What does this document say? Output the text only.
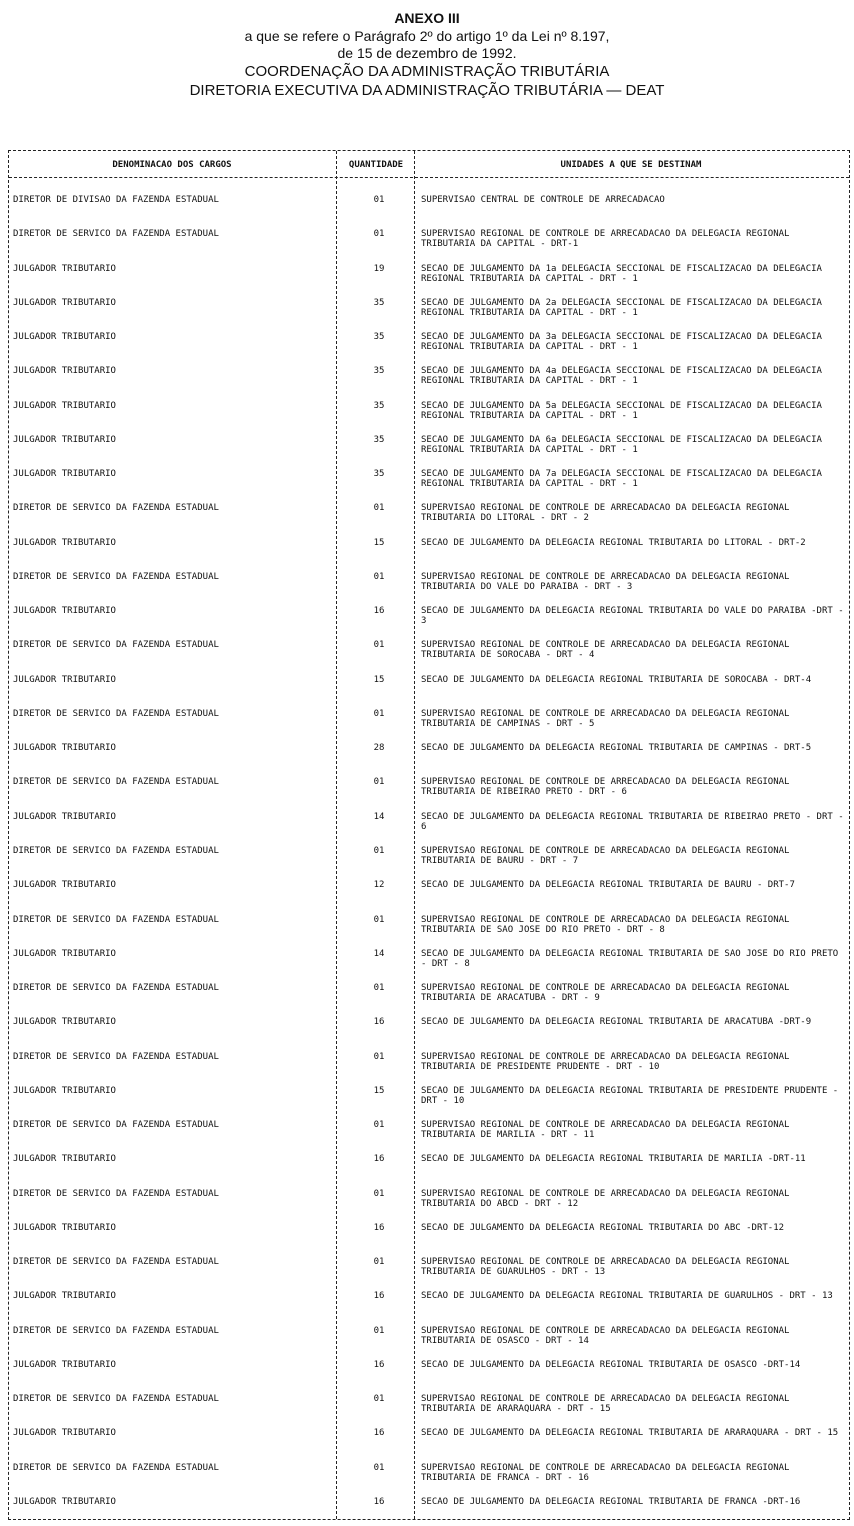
ANEXO III
a que se refere o Parágrafo 2º do artigo 1º da Lei nº 8.197,
de 15 de dezembro de 1992.
COORDENAÇÃO DA ADMINISTRAÇÃO TRIBUTÁRIA
DIRETORIA EXECUTIVA DA ADMINISTRAÇÃO TRIBUTÁRIA — DEAT
DENOMINACAO DOS CARGOS	QUANTIDADE	UNIDADES A QUE SE DESTINAM
DIRETOR DE DIVISAO DA FAZENDA ESTADUAL	01	SUPERVISAO CENTRAL DE CONTROLE DE ARRECADACAO
DIRETOR DE SERVICO DA FAZENDA ESTADUAL	01	SUPERVISAO REGIONAL DE CONTROLE DE ARRECADACAO DA DELEGACIA REGIONAL TRIBUTARIA DA CAPITAL - DRT-1
JULGADOR TRIBUTARIO	19	SECAO DE JULGAMENTO DA 1a DELEGACIA SECCIONAL DE FISCALIZACAO DA DELEGACIA REGIONAL TRIBUTARIA DA CAPITAL - DRT - 1
JULGADOR TRIBUTARIO	35	SECAO DE JULGAMENTO DA 2a DELEGACIA SECCIONAL DE FISCALIZACAO DA DELEGACIA REGIONAL TRIBUTARIA DA CAPITAL - DRT - 1
JULGADOR TRIBUTARIO	35	SECAO DE JULGAMENTO DA 3a DELEGACIA SECCIONAL DE FISCALIZACAO DA DELEGACIA REGIONAL TRIBUTARIA DA CAPITAL - DRT - 1
JULGADOR TRIBUTARIO	35	SECAO DE JULGAMENTO DA 4a DELEGACIA SECCIONAL DE FISCALIZACAO DA DELEGACIA REGIONAL TRIBUTARIA DA CAPITAL - DRT - 1
JULGADOR TRIBUTARIO	35	SECAO DE JULGAMENTO DA 5a DELEGACIA SECCIONAL DE FISCALIZACAO DA DELEGACIA REGIONAL TRIBUTARIA DA CAPITAL - DRT - 1
JULGADOR TRIBUTARIO	35	SECAO DE JULGAMENTO DA 6a DELEGACIA SECCIONAL DE FISCALIZACAO DA DELEGACIA REGIONAL TRIBUTARIA DA CAPITAL - DRT - 1
JULGADOR TRIBUTARIO	35	SECAO DE JULGAMENTO DA 7a DELEGACIA SECCIONAL DE FISCALIZACAO DA DELEGACIA REGIONAL TRIBUTARIA DA CAPITAL - DRT - 1
DIRETOR DE SERVICO DA FAZENDA ESTADUAL	01	SUPERVISAO REGIONAL DE CONTROLE DE ARRECADACAO DA DELEGACIA REGIONAL TRIBUTARIA DO LITORAL - DRT - 2
JULGADOR TRIBUTARIO	15	SECAO DE JULGAMENTO DA DELEGACIA REGIONAL TRIBUTARIA DO LITORAL - DRT-2
DIRETOR DE SERVICO DA FAZENDA ESTADUAL	01	SUPERVISAO REGIONAL DE CONTROLE DE ARRECADACAO DA DELEGACIA REGIONAL TRIBUTARIA DO VALE DO PARAIBA - DRT - 3
JULGADOR TRIBUTARIO	16	SECAO DE JULGAMENTO DA DELEGACIA REGIONAL TRIBUTARIA DO VALE DO PARAIBA -DRT - 3
DIRETOR DE SERVICO DA FAZENDA ESTADUAL	01	SUPERVISAO REGIONAL DE CONTROLE DE ARRECADACAO DA DELEGACIA REGIONAL TRIBUTARIA DE SOROCABA - DRT - 4
JULGADOR TRIBUTARIO	15	SECAO DE JULGAMENTO DA DELEGACIA REGIONAL TRIBUTARIA DE SOROCABA - DRT-4
DIRETOR DE SERVICO DA FAZENDA ESTADUAL	01	SUPERVISAO REGIONAL DE CONTROLE DE ARRECADACAO DA DELEGACIA REGIONAL TRIBUTARIA DE CAMPINAS - DRT - 5
JULGADOR TRIBUTARIO	28	SECAO DE JULGAMENTO DA DELEGACIA REGIONAL TRIBUTARIA DE CAMPINAS - DRT-5
DIRETOR DE SERVICO DA FAZENDA ESTADUAL	01	SUPERVISAO REGIONAL DE CONTROLE DE ARRECADACAO DA DELEGACIA REGIONAL TRIBUTARIA DE RIBEIRAO PRETO - DRT - 6
JULGADOR TRIBUTARIO	14	SECAO DE JULGAMENTO DA DELEGACIA REGIONAL TRIBUTARIA DE RIBEIRAO PRETO - DRT - 6
DIRETOR DE SERVICO DA FAZENDA ESTADUAL	01	SUPERVISAO REGIONAL DE CONTROLE DE ARRECADACAO DA DELEGACIA REGIONAL TRIBUTARIA DE BAURU - DRT - 7
JULGADOR TRIBUTARIO	12	SECAO DE JULGAMENTO DA DELEGACIA REGIONAL TRIBUTARIA DE BAURU - DRT-7
DIRETOR DE SERVICO DA FAZENDA ESTADUAL	01	SUPERVISAO REGIONAL DE CONTROLE DE ARRECADACAO DA DELEGACIA REGIONAL TRIBUTARIA DE SAO JOSE DO RIO PRETO - DRT - 8
JULGADOR TRIBUTARIO	14	SECAO DE JULGAMENTO DA DELEGACIA REGIONAL TRIBUTARIA DE SAO JOSE DO RIO PRETO - DRT - 8
DIRETOR DE SERVICO DA FAZENDA ESTADUAL	01	SUPERVISAO REGIONAL DE CONTROLE DE ARRECADACAO DA DELEGACIA REGIONAL TRIBUTARIA DE ARACATUBA - DRT - 9
JULGADOR TRIBUTARIO	16	SECAO DE JULGAMENTO DA DELEGACIA REGIONAL TRIBUTARIA DE ARACATUBA -DRT-9
DIRETOR DE SERVICO DA FAZENDA ESTADUAL	01	SUPERVISAO REGIONAL DE CONTROLE DE ARRECADACAO DA DELEGACIA REGIONAL TRIBUTARIA DE PRESIDENTE PRUDENTE - DRT - 10
JULGADOR TRIBUTARIO	15	SECAO DE JULGAMENTO DA DELEGACIA REGIONAL TRIBUTARIA DE PRESIDENTE PRUDENTE - DRT - 10
DIRETOR DE SERVICO DA FAZENDA ESTADUAL	01	SUPERVISAO REGIONAL DE CONTROLE DE ARRECADACAO DA DELEGACIA REGIONAL TRIBUTARIA DE MARILIA - DRT - 11
JULGADOR TRIBUTARIO	16	SECAO DE JULGAMENTO DA DELEGACIA REGIONAL TRIBUTARIA DE MARILIA -DRT-11
DIRETOR DE SERVICO DA FAZENDA ESTADUAL	01	SUPERVISAO REGIONAL DE CONTROLE DE ARRECADACAO DA DELEGACIA REGIONAL TRIBUTARIA DO ABCD - DRT - 12
JULGADOR TRIBUTARIO	16	SECAO DE JULGAMENTO DA DELEGACIA REGIONAL TRIBUTARIA DO ABC -DRT-12
DIRETOR DE SERVICO DA FAZENDA ESTADUAL	01	SUPERVISAO REGIONAL DE CONTROLE DE ARRECADACAO DA DELEGACIA REGIONAL TRIBUTARIA DE GUARULHOS - DRT - 13
JULGADOR TRIBUTARIO	16	SECAO DE JULGAMENTO DA DELEGACIA REGIONAL TRIBUTARIA DE GUARULHOS - DRT - 13
DIRETOR DE SERVICO DA FAZENDA ESTADUAL	01	SUPERVISAO REGIONAL DE CONTROLE DE ARRECADACAO DA DELEGACIA REGIONAL TRIBUTARIA DE OSASCO - DRT - 14
JULGADOR TRIBUTARIO	16	SECAO DE JULGAMENTO DA DELEGACIA REGIONAL TRIBUTARIA DE OSASCO -DRT-14
DIRETOR DE SERVICO DA FAZENDA ESTADUAL	01	SUPERVISAO REGIONAL DE CONTROLE DE ARRECADACAO DA DELEGACIA REGIONAL TRIBUTARIA DE ARARAQUARA - DRT - 15
JULGADOR TRIBUTARIO	16	SECAO DE JULGAMENTO DA DELEGACIA REGIONAL TRIBUTARIA DE ARARAQUARA - DRT - 15
DIRETOR DE SERVICO DA FAZENDA ESTADUAL	01	SUPERVISAO REGIONAL DE CONTROLE DE ARRECADACAO DA DELEGACIA REGIONAL TRIBUTARIA DE FRANCA - DRT - 16
JULGADOR TRIBUTARIO	16	SECAO DE JULGAMENTO DA DELEGACIA REGIONAL TRIBUTARIA DE FRANCA -DRT-16
